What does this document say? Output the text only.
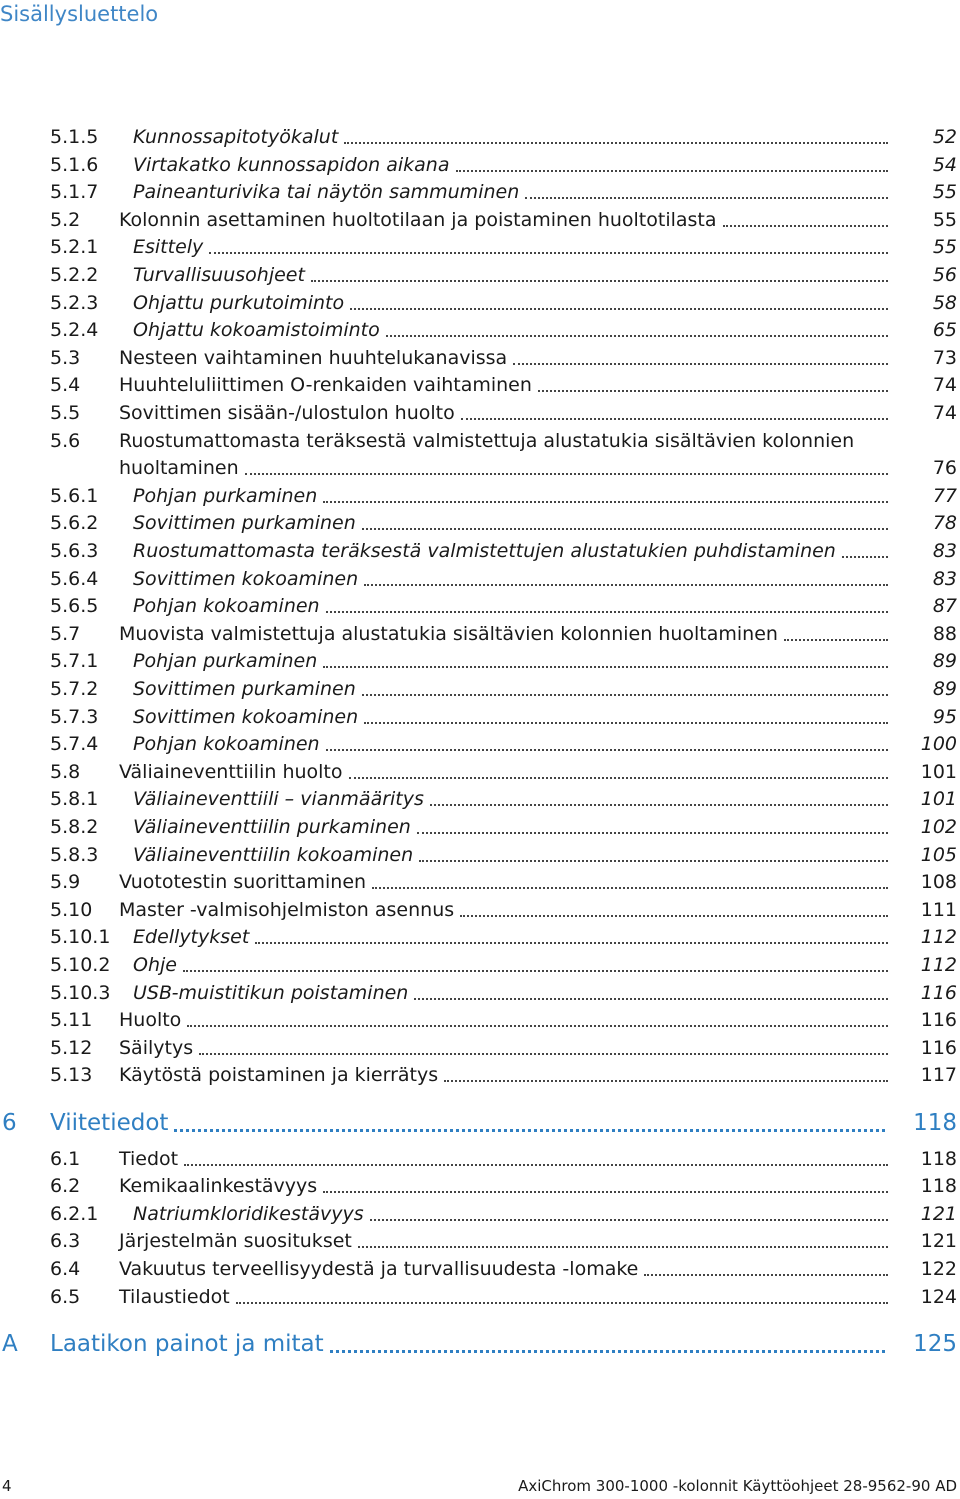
Sisällysluettelo
5.1.5 Kunnossapitotyökalut	52
5.1.6 Virtakatko kunnossapidon aikana	54
5.1.7 Paineanturivika tai näytön sammuminen	55
5.2 Kolonnin asettaminen huoltotilaan ja poistaminen huoltotilasta	55
5.2.1 Esittely	55
5.2.2 Turvallisuusohjeet	56
5.2.3 Ohjattu purkutoiminto	58
5.2.4 Ohjattu kokoamistoiminto	65
5.3 Nesteen vaihtaminen huuhtelukanavissa	73
5.4 Huuhteluliittimen O-renkaiden vaihtaminen	74
5.5 Sovittimen sisään-/ulostulon huolto	74
5.6 Ruostumattomasta teräksestä valmistettuja alustatukia sisältävien kolonnien
huoltaminen	76
5.6.1 Pohjan purkaminen	77
5.6.2 Sovittimen purkaminen	78
5.6.3 Ruostumattomasta teräksestä valmistettujen alustatukien puhdistaminen	83
5.6.4 Sovittimen kokoaminen	83
5.6.5 Pohjan kokoaminen	87
5.7 Muovista valmistettuja alustatukia sisältävien kolonnien huoltaminen	88
5.7.1 Pohjan purkaminen	89
5.7.2 Sovittimen purkaminen	89
5.7.3 Sovittimen kokoaminen	95
5.7.4 Pohjan kokoaminen	100
5.8 Väliaineventtiilin huolto	101
5.8.1 Väliaineventtiili – vianmääritys	101
5.8.2 Väliaineventtiilin purkaminen	102
5.8.3 Väliaineventtiilin kokoaminen	105
5.9 Vuototestin suorittaminen	108
5.10 Master -valmisohjelmiston asennus	111
5.10.1 Edellytykset	112
5.10.2 Ohje	112
5.10.3 USB-muistitikun poistaminen	116
5.11 Huolto	116
5.12 Säilytys	116
5.13 Käytöstä poistaminen ja kierrätys	117
6 Viitetiedot	118
6.1 Tiedot	118
6.2 Kemikaalinkestävyys	118
6.2.1 Natriumkloridikestävyys	121
6.3 Järjestelmän suositukset	121
6.4 Vakuutus terveellisyydestä ja turvallisuudesta -lomake	122
6.5 Tilaustiedot	124
A Laatikon painot ja mitat	125
4	AxiChrom 300-1000 -kolonnit Käyttöohjeet 28-9562-90 AD
